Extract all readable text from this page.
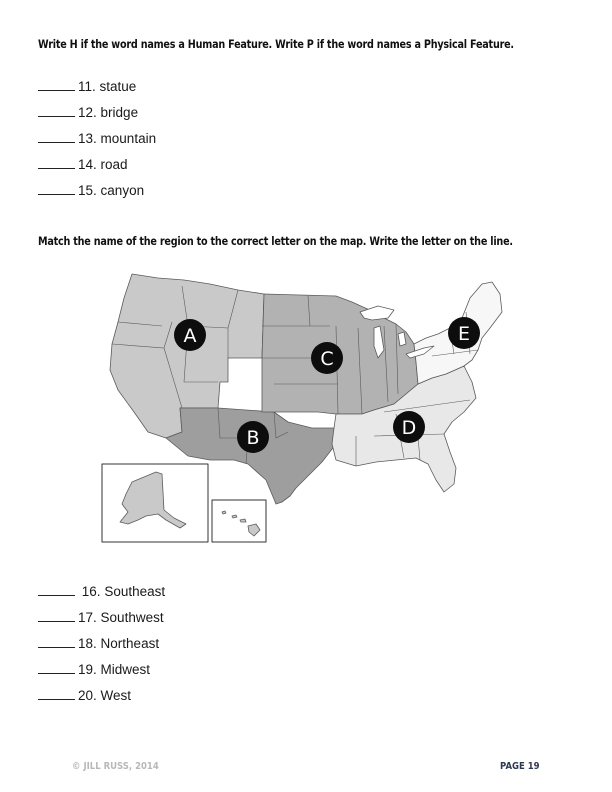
Write H if the word names a Human Feature. Write P if the word names a Physical Feature.

11. statue
12. bridge
13. mountain
14. road
15. canyon

Match the name of the region to the correct letter on the map. Write the letter on the line.

A
B
C
D
E
16. Southeast
17. Southwest
18. Northeast
19. Midwest
20. West
© JILL RUSS, 2014	PAGE 19
